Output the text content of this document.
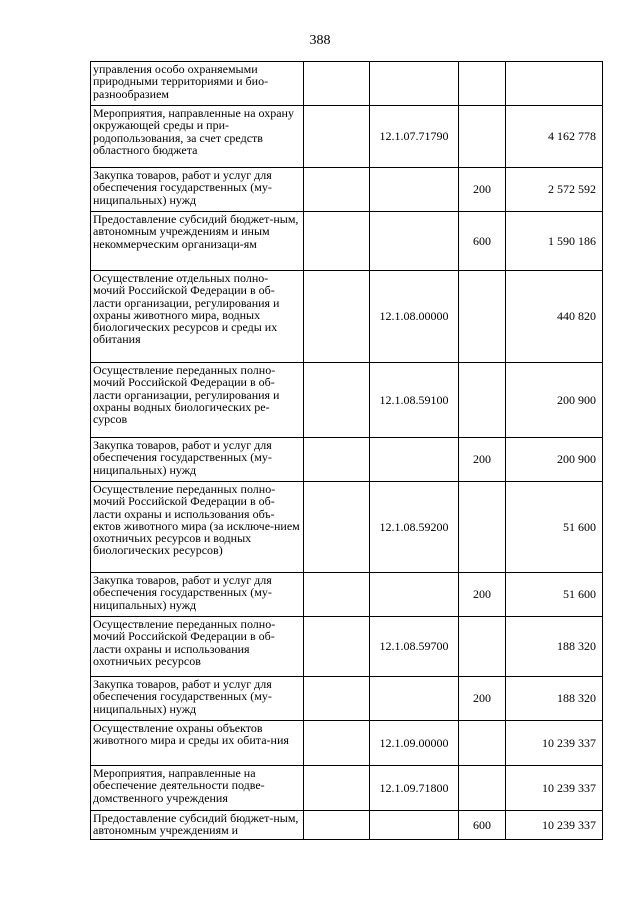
388
управления особо охраняемыми природными территориями и био-разнообразием				
Мероприятия, направленные на охрану окружающей среды и при-родопользования, за счет средств областного бюджета		12.1.07.71790		4 162 778
Закупка товаров, работ и услуг для обеспечения государственных (му-ниципальных) нужд			200	2 572 592
Предоставление субсидий бюджет-ным, автономным учреждениям и иным некоммерческим организаци-ям			600	1 590 186
Осуществление отдельных полно-мочий Российской Федерации в об-ласти организации, регулирования и охраны животного мира, водных биологических ресурсов и среды их обитания		12.1.08.00000		440 820
Осуществление переданных полно-мочий Российской Федерации в об-ласти организации, регулирования и охраны водных биологических ре-сурсов		12.1.08.59100		200 900
Закупка товаров, работ и услуг для обеспечения государственных (му-ниципальных) нужд			200	200 900
Осуществление переданных полно-мочий Российской Федерации в об-ласти охраны и использования объ-ектов животного мира (за исключе-нием охотничьих ресурсов и водных биологических ресурсов)		12.1.08.59200		51 600
Закупка товаров, работ и услуг для обеспечения государственных (му-ниципальных) нужд			200	51 600
Осуществление переданных полно-мочий Российской Федерации в об-ласти охраны и использования охотничьих ресурсов		12.1.08.59700		188 320
Закупка товаров, работ и услуг для обеспечения государственных (му-ниципальных) нужд			200	188 320
Осуществление охраны объектов животного мира и среды их обита-ния		12.1.09.00000		10 239 337
Мероприятия, направленные на обеспечение деятельности подве-домственного учреждения		12.1.09.71800		10 239 337
Предоставление субсидий бюджет-ным, автономным учреждениям и			600	10 239 337
